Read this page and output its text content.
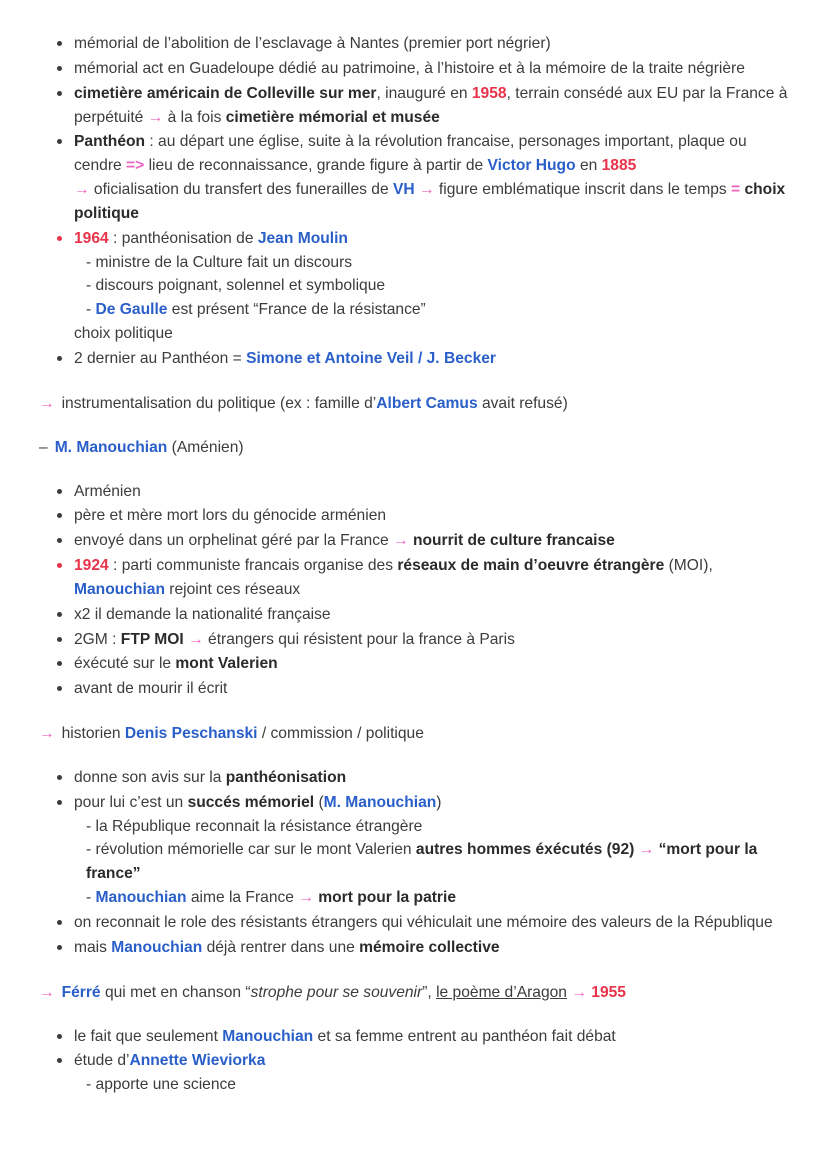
mémorial de l’abolition de l’esclavage à Nantes (premier port négrier)
mémorial act en Guadeloupe dédié au patrimoine, à l’histoire et à la mémoire de la traite négrière
cimetière américain de Colleville sur mer, inauguré en 1958, terrain consédé aux EU par la France à perpétuité → à la fois cimetière mémorial et musée
Panthéon : au départ une église, suite à la révolution francaise, personages important, plaque ou cendre => lieu de reconnaissance, grande figure à partir de Victor Hugo en 1885
→ oficialisation du transfert des funerailles de VH → figure emblématique inscrit dans le temps = choix politique
1964 : panthéonisation de Jean Moulin
- ministre de la Culture fait un discours
- discours poignant, solennel et symbolique
- De Gaulle est présent “France de la résistance”
choix politique
2 dernier au Panthéon = Simone et Antoine Veil / J. Becker
→ instrumentalisation du politique (ex : famille d’Albert Camus avait refusé)
– M. Manouchian (Aménien)
Arménien
père et mère mort lors du génocide arménien
envoyé dans un orphelinat géré par la France → nourrit de culture francaise
1924 : parti communiste francais organise des réseaux de main d’oeuvre étrangère (MOI), Manouchian rejoint ces réseaux
x2 il demande la nationalité française
2GM : FTP MOI → étrangers qui résistent pour la france à Paris
éxécuté sur le mont Valerien
avant de mourir il écrit
→ historien Denis Peschanski / commission / politique
donne son avis sur la panthéonisation
pour lui c’est un succés mémoriel (M. Manouchian)
- la République reconnait la résistance étrangère
- révolution mémorielle car sur le mont Valerien autres hommes éxécutés (92) → “mort pour la france”
- Manouchian aime la France → mort pour la patrie
on reconnait le role des résistants étrangers qui véhiculait une mémoire des valeurs de la République
mais Manouchian déjà rentrer dans une mémoire collective
→ Férré qui met en chanson “strophe pour se souvenir”, le poème d’Aragon → 1955
le fait que seulement Manouchian et sa femme entrent au panthéon fait débat
étude d’Annette Wieviorka
- apporte une science
